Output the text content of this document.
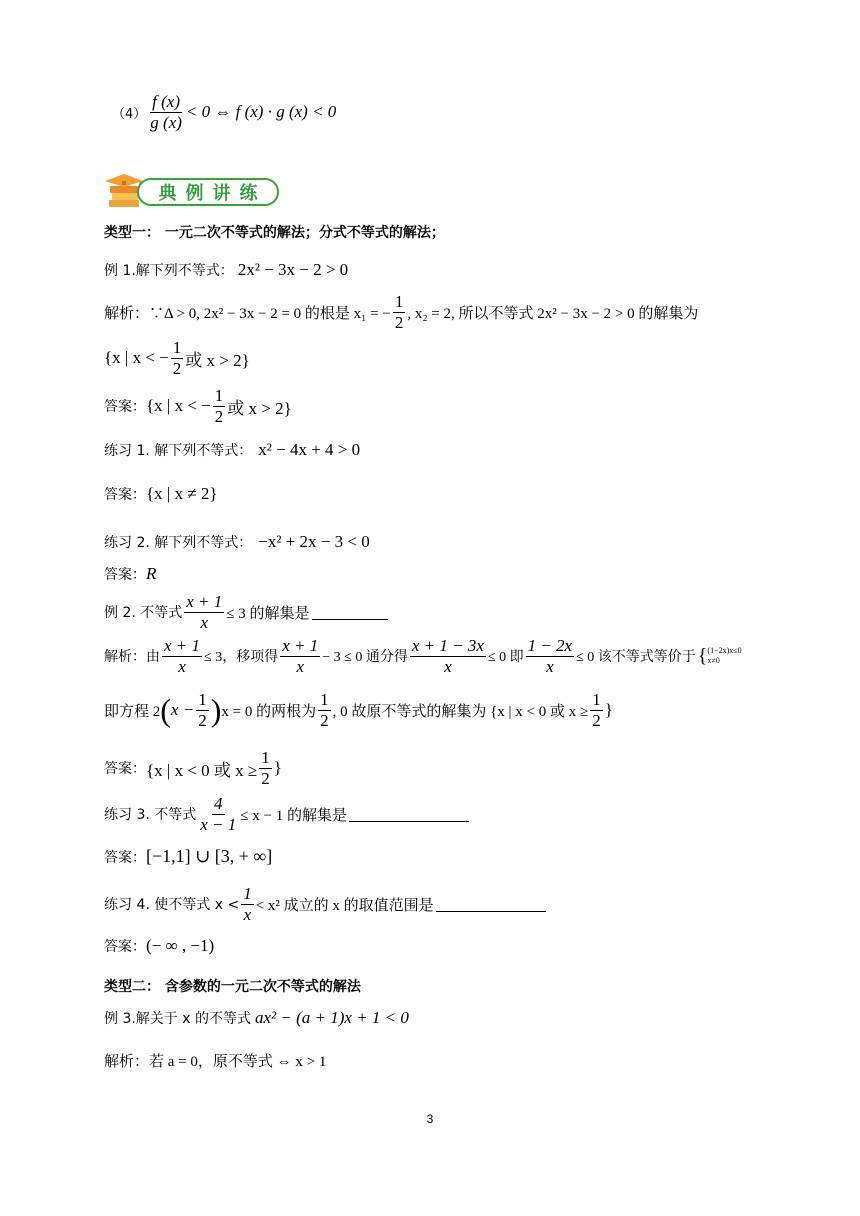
$(4) \frac{f (x)}{g (x)} < 0$ ⇔ f (x) · g (x) < 0
典例讲练
类型一： 一元二次不等式的解法；分式不等式的解法；
例 1.解下列不等式： 2x² − 3x − 2 > 0
解析：∵Δ > 0, 2x² − 3x − 2 = 0 的根是 x₁ = − $\frac{1}{2}$ , x₂ = 2, 所以不等式 2x² − 3x − 2 > 0 的解集为
{x | x < − $\frac{1}{2}$ 或 x > 2}
答案： {x | x < − $\frac{1}{2}$ 或 x > 2}
练习 1. 解下列不等式： x² − 4x + 4 > 0
答案： {x | x ≠ 2}
练习 2. 解下列不等式： −x² + 2x − 3 < 0
答案： R
例 2. 不等式 $\frac{x + 1}{x} \le 3$ 的解集是
解析：由 $\frac{x + 1}{x} \le 3$，移项得 $\frac{x + 1}{x} - 3 \le 0$ 通分得 $\frac{x + 1 - 3x}{x} \le 0$ 即 $\frac{1 - 2x}{x} \le 0$ 该不等式等价于 { (1−2x)x≤0
x≠0
即方程 2 ( $x - \frac{1}{2}$ ) x = 0 的两根为 $\frac{1}{2}$ , 0 故原不等式的解集为 {x | x < 0 或 $x \ge \frac{1}{2}$ }
答案： {x | x < 0 或 $x \ge \frac{1}{2}$ }
练习 3. 不等式 $\frac{4}{x - 1} \le x - 1$ 的解集是
答案： [−1,1] ∪ [3, + ∞]
练习 4. 使不等式 $x < \frac{1}{x} < x^2$ 成立的 x 的取值范围是
答案： (− ∞ , −1)
类型二： 含参数的一元二次不等式的解法
例 3.解关于 x 的不等式 ax² − (a + 1)x + 1 < 0
解析：若 a = 0，原不等式 ⇔ x > 1
3
